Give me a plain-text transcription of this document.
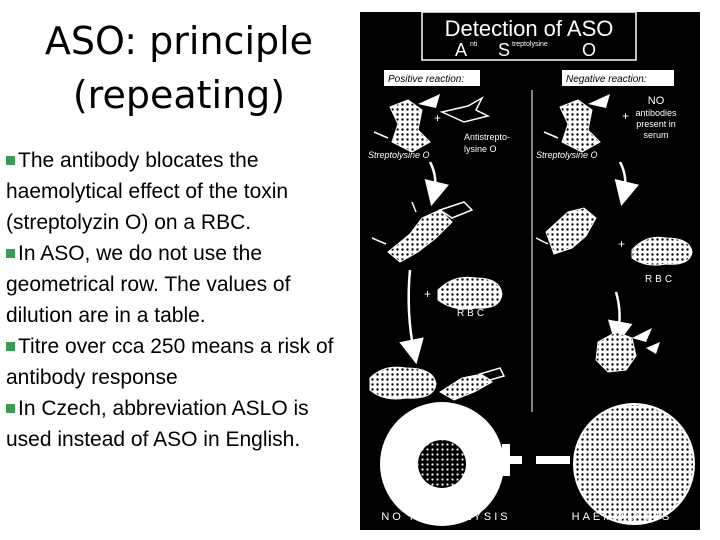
ASO: principle
(repeating)

The antibody blocates the haemolytical effect of the toxin (streptolyzin O) on a RBC.

In ASO, we do not use the geometrical row. The values of dilution are in a table.

Titre over cca 250 means a risk of antibody response

In Czech, abbreviation ASLO is used instead of ASO in English.

Detection of ASO
A nti S treptolysine O
Positive reaction:	Negative reaction:
+
Streptolysine O
Antistrepto-
lysine O
+
NO
antibodies
present in
serum
Streptolysine O
+
RBC
+
RBC
NO HAEMOLYSIS	HAEMOLYSIS
